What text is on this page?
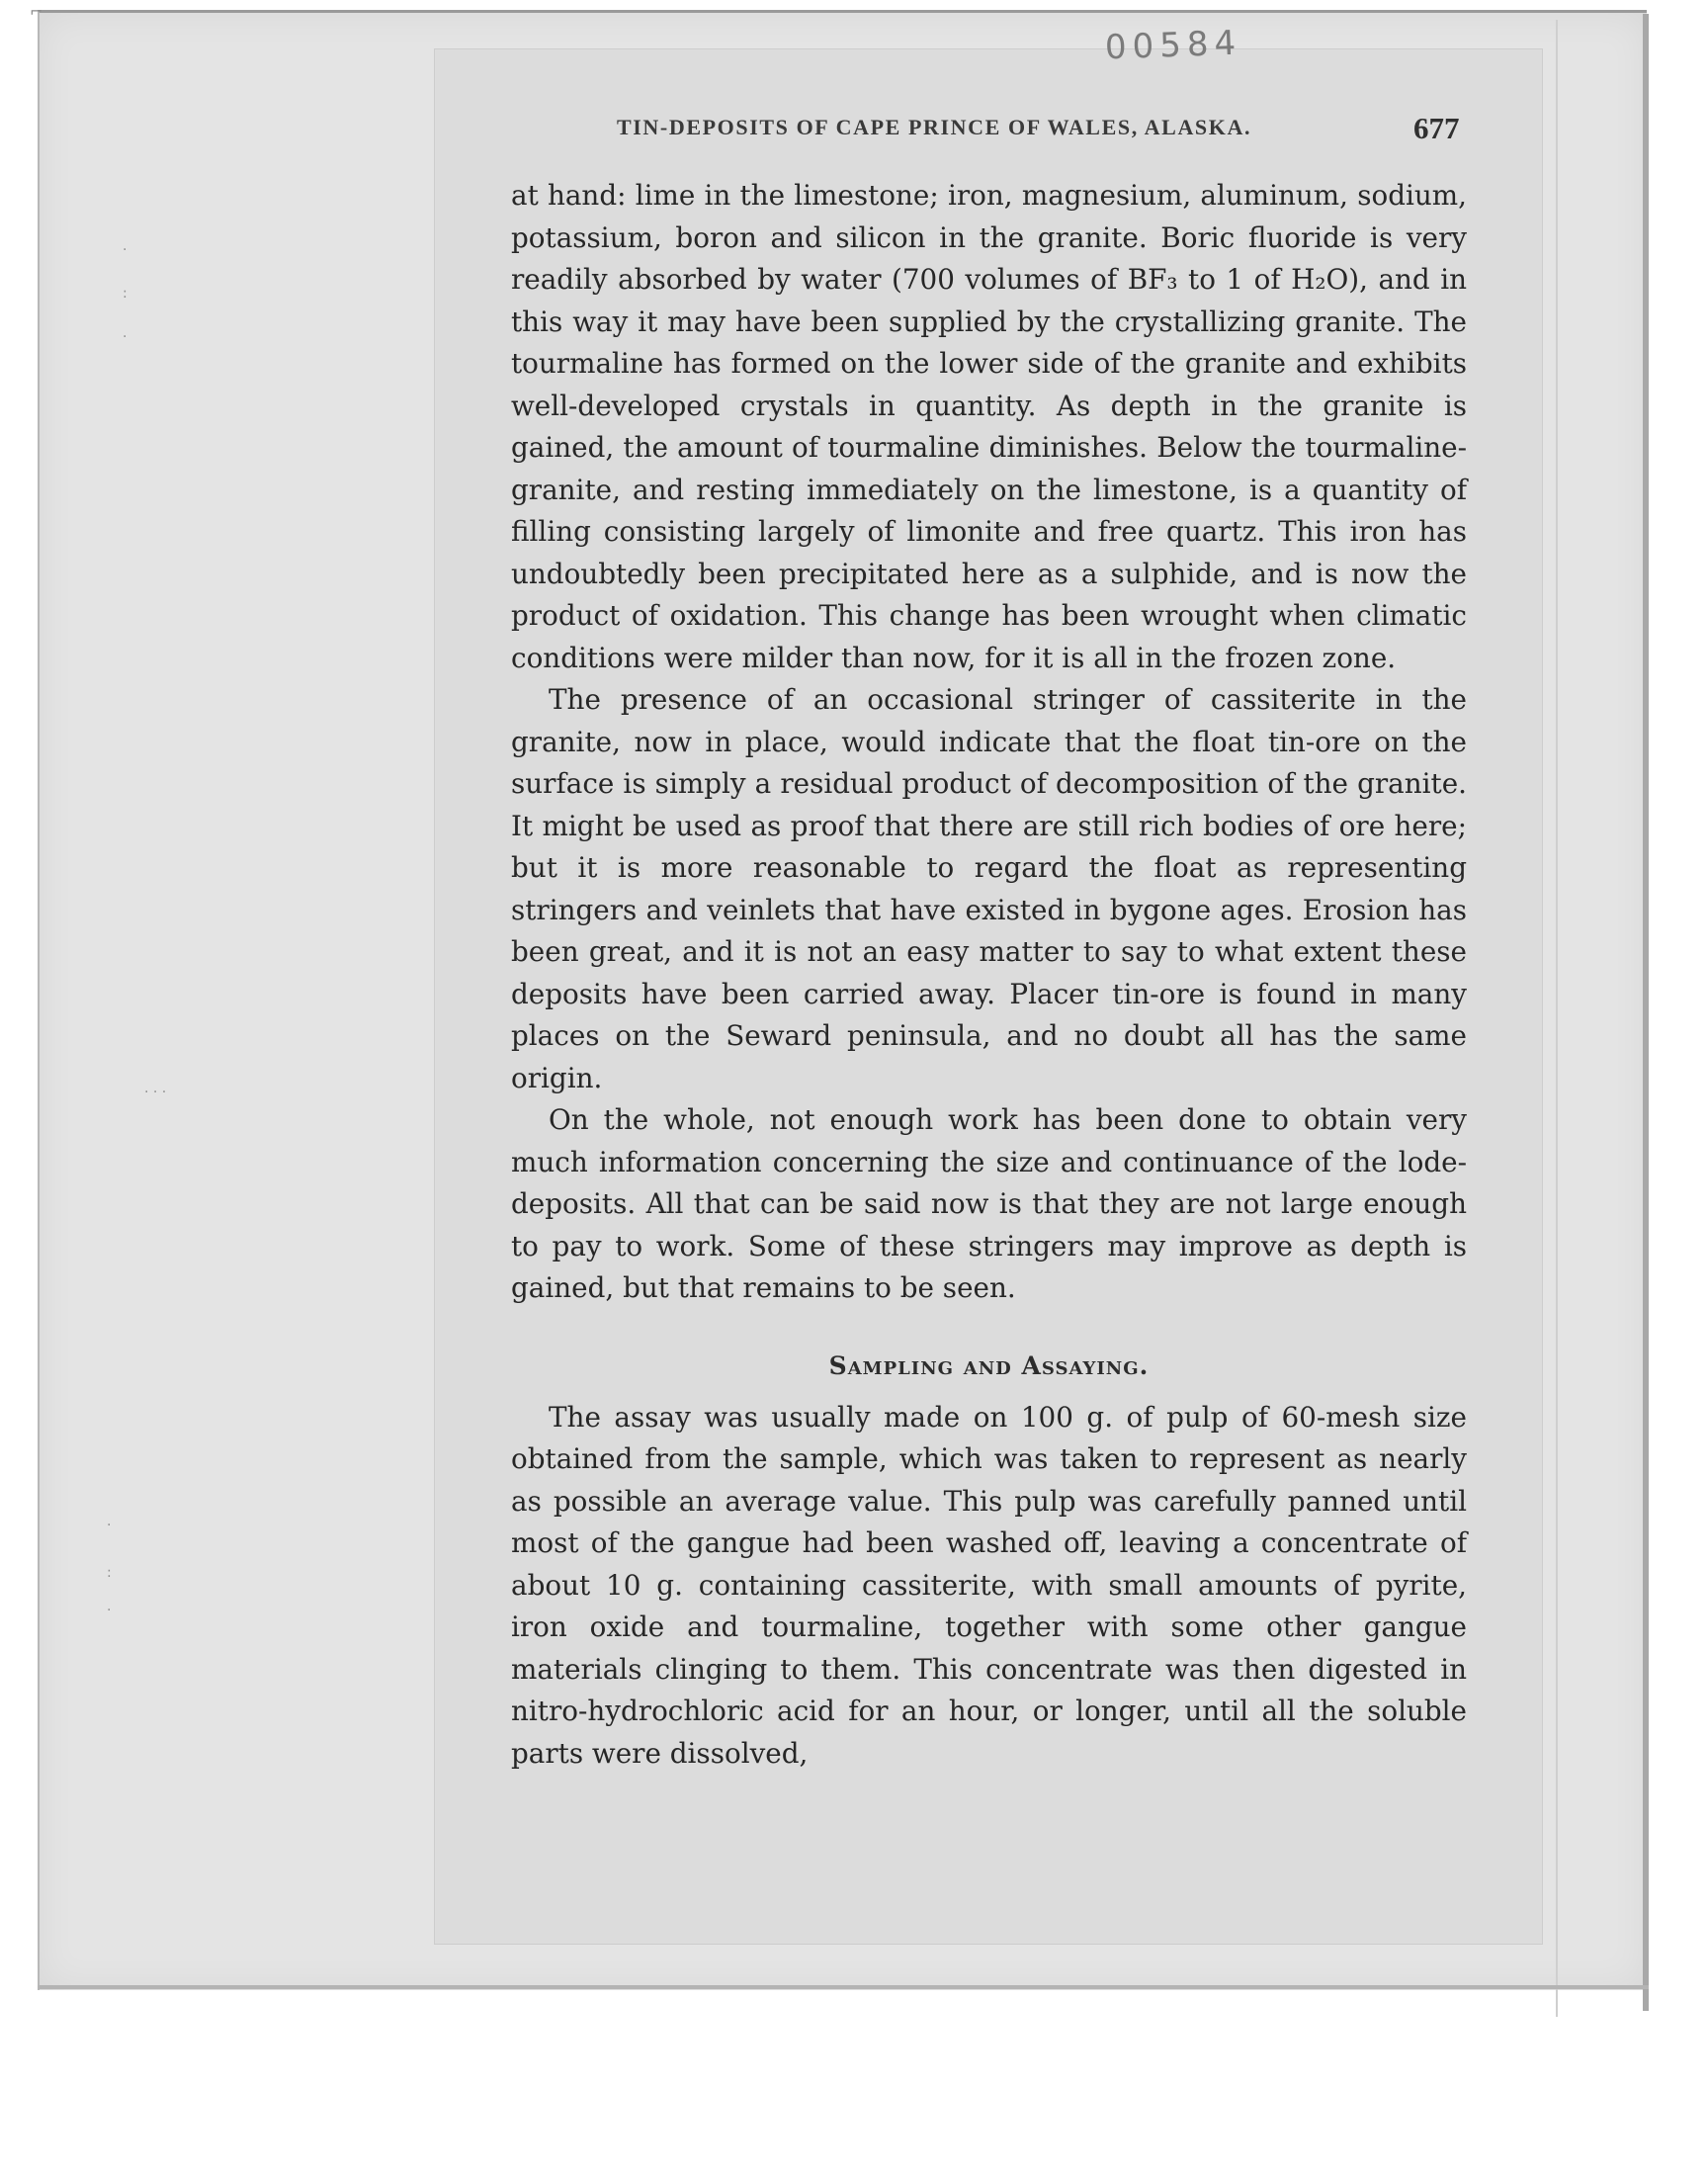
⌐
·
:
·
· · ·
·
:
·
00584
TIN-DEPOSITS OF CAPE PRINCE OF WALES, ALASKA.	677

at hand: lime in the limestone; iron, magnesium, aluminum, sodium, potassium, boron and silicon in the granite. Boric fluoride is very readily absorbed by water (700 volumes of BF₃ to 1 of H₂O), and in this way it may have been supplied by the crystallizing granite. The tourmaline has formed on the lower side of the granite and exhibits well-developed crystals in quantity. As depth in the granite is gained, the amount of tourmaline diminishes. Below the tourmaline-granite, and resting immediately on the limestone, is a quantity of filling consisting largely of limonite and free quartz. This iron has undoubtedly been precipitated here as a sulphide, and is now the product of oxidation. This change has been wrought when climatic conditions were milder than now, for it is all in the frozen zone.

The presence of an occasional stringer of cassiterite in the granite, now in place, would indicate that the float tin-ore on the surface is simply a residual product of decomposition of the granite. It might be used as proof that there are still rich bodies of ore here; but it is more reasonable to regard the float as representing stringers and veinlets that have existed in bygone ages. Erosion has been great, and it is not an easy matter to say to what extent these deposits have been carried away. Placer tin-ore is found in many places on the Seward peninsula, and no doubt all has the same origin.

On the whole, not enough work has been done to obtain very much information concerning the size and continuance of the lode-deposits. All that can be said now is that they are not large enough to pay to work. Some of these stringers may improve as depth is gained, but that remains to be seen.

Sampling and Assaying.

The assay was usually made on 100 g. of pulp of 60-mesh size obtained from the sample, which was taken to represent as nearly as possible an average value. This pulp was carefully panned until most of the gangue had been washed off, leaving a concentrate of about 10 g. containing cassiterite, with small amounts of pyrite, iron oxide and tourmaline, together with some other gangue materials clinging to them. This concentrate was then digested in nitro-hydrochloric acid for an hour, or longer, until all the soluble parts were dissolved,
